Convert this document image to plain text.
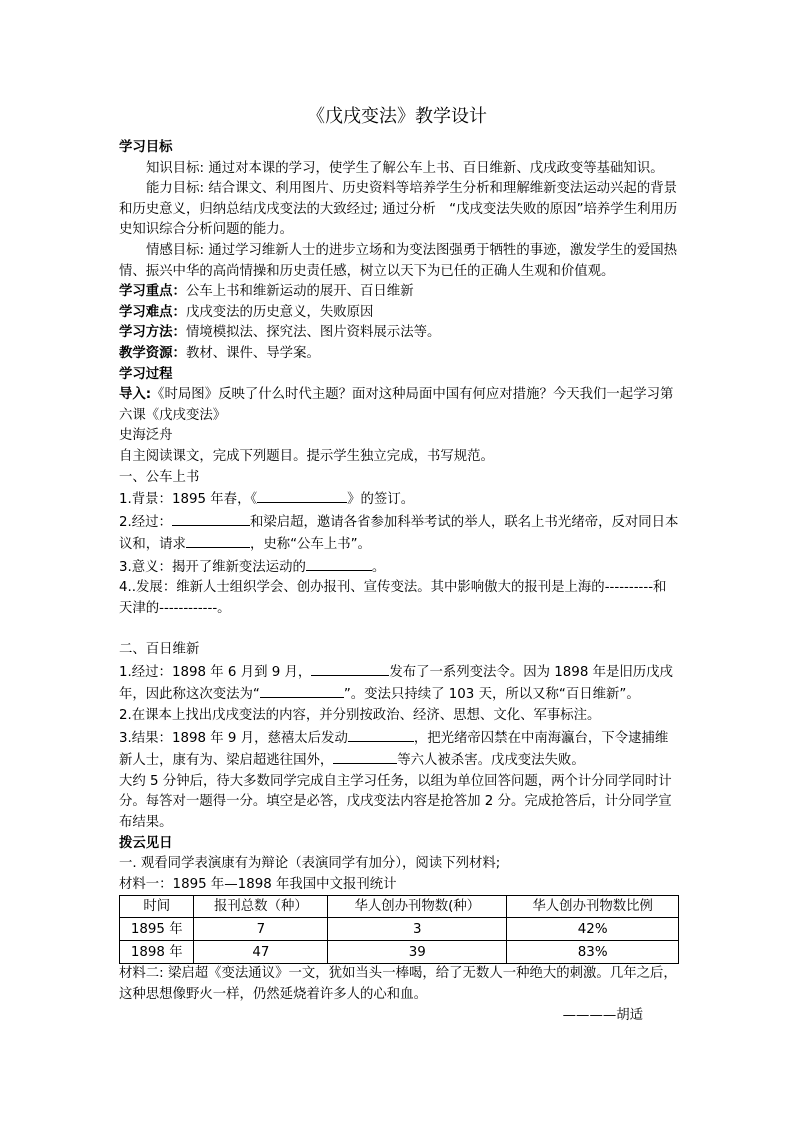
《戊戌变法》教学设计

学习目标

知识目标: 通过对本课的学习，使学生了解公车上书、百日维新、戊戌政变等基础知识。

能力目标: 结合课文、利用图片、历史资料等培养学生分析和理解维新变法运动兴起的背景和历史意义，归纳总结戊戌变法的大致经过; 通过分析　“戊戌变法失败的原因”培养学生利用历史知识综合分析问题的能力。

情感目标: 通过学习维新人士的进步立场和为变法图强勇于牺牲的事迹，激发学生的爱国热情、振兴中华的高尚情操和历史责任感，树立以天下为已任的正确人生观和价值观。

学习重点：公车上书和维新运动的展开、百日维新

学习难点：戊戌变法的历史意义，失败原因

学习方法：情境模拟法、探究法、图片资料展示法等。

教学资源：教材、课件、导学案。

学习过程

导入:《时局图》反映了什么时代主题？面对这种局面中国有何应对措施？今天我们一起学习第六课《戊戌变法》

史海泛舟

自主阅读课文，完成下列题目。提示学生独立完成，书写规范。

一、公车上书

1.背景：1895 年春，《	》的签订。

2.经过：	和梁启超，邀请各省参加科举考试的举人，联名上书光绪帝，反对同日本议和，请求	，史称“公车上书”。

3.意义：揭开了维新变法运动的	。

4..发展：维新人士组织学会、创办报刊、宣传变法。其中影响傲大的报刊是上海的----------和天津的------------。

二、百日维新

1.经过：1898 年 6 月到 9 月，	发布了一系列变法令。因为 1898 年是旧历戊戌年，因此称这次变法为“	”。变法只持续了 103 天，所以又称“百日维新”。

2.在课本上找出戊戌变法的内容，并分别按政治、经济、思想、文化、军事标注。

3.结果：1898 年 9 月，慈禧太后发动	，把光绪帝囚禁在中南海瀛台，下令逮捕维新人士，康有为、梁启超逃往国外，	等六人被杀害。戊戌变法失败。

大约 5 分钟后，待大多数同学完成自主学习任务，以组为单位回答问题，两个计分同学同时计分。每答对一题得一分。填空是必答，戊戌变法内容是抢答加 2 分。完成抢答后，计分同学宣布结果。

拨云见日

一. 观看同学表演康有为辩论（表演同学有加分），阅读下列材料;

材料一：1895 年—1898 年我国中文报刊统计

时间	报刊总数（种）	华人创办刊物数(种）	华人创办刊物数比例
1895 年	7	3	42%
1898 年	47	39	83%

材料二: 梁启超《变法通议》一文，犹如当头一棒喝，给了无数人一种绝大的刺激。几年之后，这种思想像野火一样，仍然延烧着许多人的心和血。

————胡适
